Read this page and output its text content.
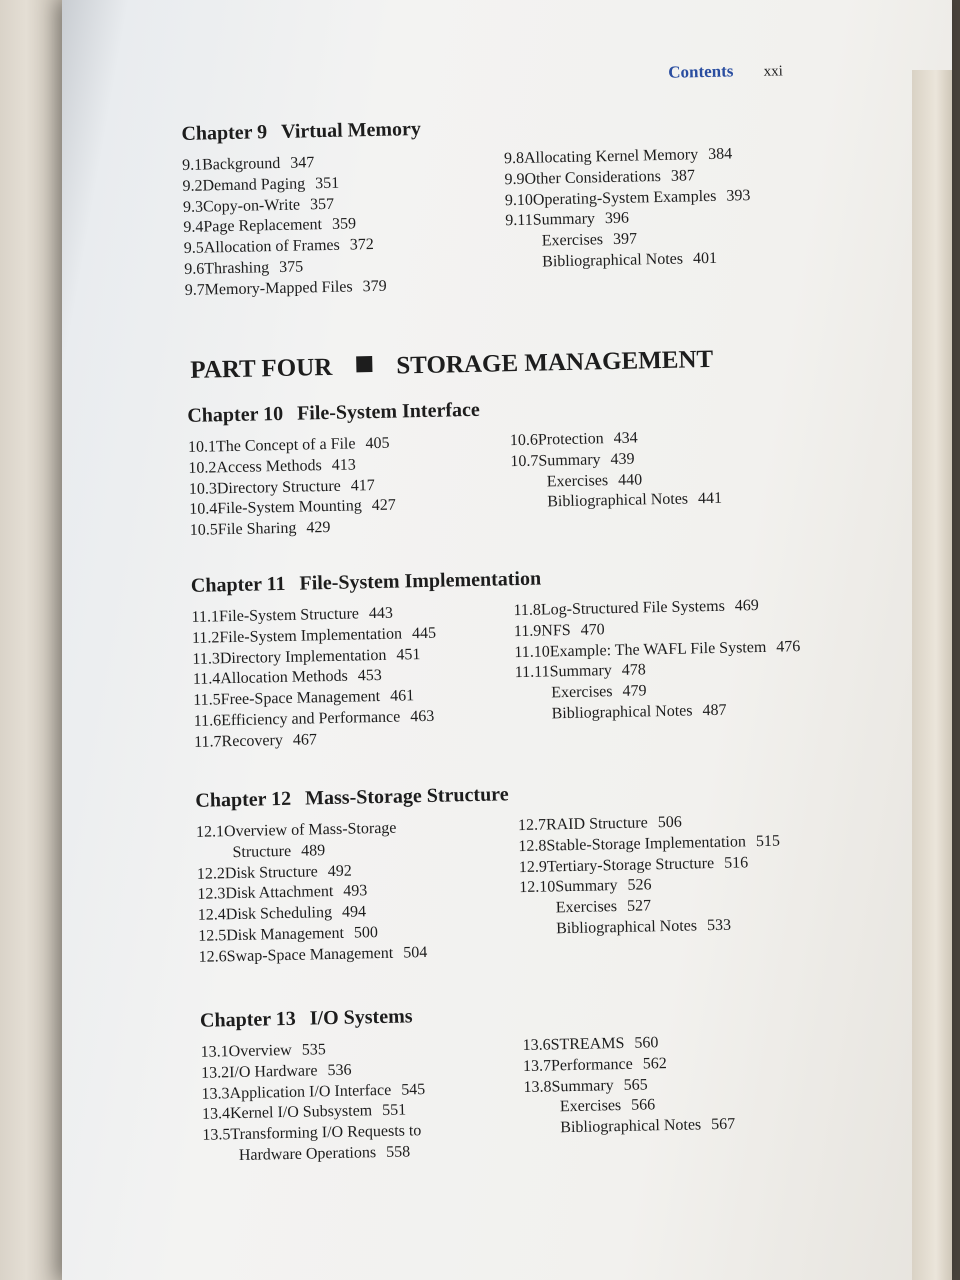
Contents xxi
PART FOUR	STORAGE MANAGEMENT
Chapter 9 Virtual Memory
9.1Background 347
9.2Demand Paging 351
9.3Copy-on-Write 357
9.4Page Replacement 359
9.5Allocation of Frames 372
9.6Thrashing 375
9.7Memory-Mapped Files 379
9.8Allocating Kernel Memory 384
9.9Other Considerations 387
9.10Operating-System Examples 393
9.11Summary 396
Exercises 397
Bibliographical Notes 401
Chapter 10 File-System Interface
10.1The Concept of a File 405
10.2Access Methods 413
10.3Directory Structure 417
10.4File-System Mounting 427
10.5File Sharing 429
10.6Protection 434
10.7Summary 439
Exercises 440
Bibliographical Notes 441
Chapter 11 File-System Implementation
11.1File-System Structure 443
11.2File-System Implementation 445
11.3Directory Implementation 451
11.4Allocation Methods 453
11.5Free-Space Management 461
11.6Efficiency and Performance 463
11.7Recovery 467
11.8Log-Structured File Systems 469
11.9NFS 470
11.10Example: The WAFL File System 476
11.11Summary 478
Exercises 479
Bibliographical Notes 487
Chapter 12 Mass-Storage Structure
12.1Overview of Mass-Storage
Structure 489
12.2Disk Structure 492
12.3Disk Attachment 493
12.4Disk Scheduling 494
12.5Disk Management 500
12.6Swap-Space Management 504
12.7RAID Structure 506
12.8Stable-Storage Implementation 515
12.9Tertiary-Storage Structure 516
12.10Summary 526
Exercises 527
Bibliographical Notes 533
Chapter 13 I/O Systems
13.1Overview 535
13.2I/O Hardware 536
13.3Application I/O Interface 545
13.4Kernel I/O Subsystem 551
13.5Transforming I/O Requests to
Hardware Operations 558
13.6STREAMS 560
13.7Performance 562
13.8Summary 565
Exercises 566
Bibliographical Notes 567
